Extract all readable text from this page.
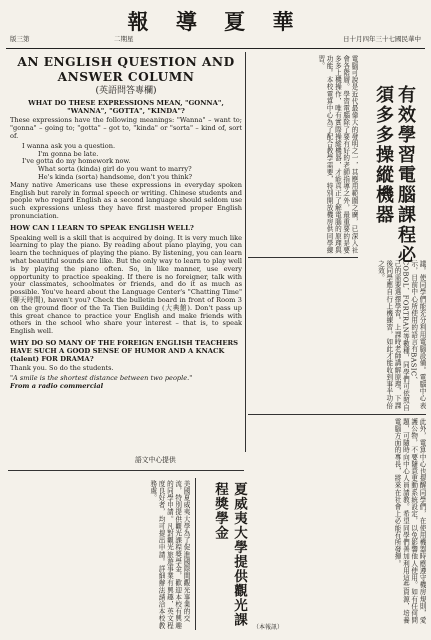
報 導 夏 華
版三第	二期星	日十月四年三十七國民華中
AN ENGLISH QUESTION AND ANSWER COLUMN
(英語問答專欄)
WHAT DO THESE EXPRESSIONS MEAN, "GONNA", "WANNA", "GOTTA", "KINDA"?

These expressions have the following meanings: "Wanna" – want to; "gonna" – going to; "gotta" – got to, "kinda" or "sorta" – kind of, sort of.

I wanna ask you a question.

I'm gonna be late.

I've gotta do my homework now.

What sorta (kinda) girl do you want to marry?

He's kinda (sorta) handsome, don't you think?

Many native Americans use these expressions in everyday spoken English but rarely in formal speech or writing. Chinese students and people who regard English as a second language should seldom use such expressions unless they have first mastered proper English pronunciation.

HOW CAN I LEARN TO SPEAK ENGLISH WELL?

Speaking well is a skill that is acquired by doing. It is very much like learning to play the piano. By reading about piano playing, you can learn the techniques of playing the piano. By listening, you can learn what beautiful sounds are like. But the only way to learn to play well is by playing the piano often. So, in like manner, use every opportunity to practice speaking. If there is no foreigner, talk with your classmates, schoolmates or friends, and do it as much as possible. You've heard about the Language Center's "Chatting Time" (聊天時間), haven't you? Check the bulletin board in front of Room 3 on the ground floor of the Ta Tien Building (大典館). Don't pass up this great chance to practice your English and make friends with others in the school who share your interest – that is, to speak English well.

WHY DO SO MANY OF THE FOREIGN ENGLISH TEACHERS HAVE SUCH A GOOD SENSE OF HUMOR AND A KNACK (talent) FOR DRAMA?

Thank you. So do the students.

"A smile is the shortest distance between two people."
From a radio commercial
語文中心提供
有效學習電腦課程必須多多操縱機器
電腦可說是近代最偉大的發明之一，其應用範圍之廣，已深入社會各階層。學習電腦除了要有好的老師指導之外，最重要的是要多多上機操作，唯有實際操縱機器，才能真正了解電腦的原理與功能。本校電算中心為了配合教學需要，特別開放機房供同學練習。
議。使同學們能充分利用電腦設備。電腦中心表示，目前中心所使用的語言有BASIC、COBOL、FORTRAN等數種，同學們可依照自己的需要選擇學習。上課時老師講解原理，下課後同學應自行上機練習，如此才能收到事半功倍之效。
此外，電算中心也提醒同學們，在使用機器時應遵守機房規則，愛護公物，不要隨意更動系統設定，以免影響他人使用。如有任何問題，可隨時向中心人員請教。希望同學們善加利用這些資源，培養電腦方面的專長，將來在社會上必能有所發揮。
（本報訊）
夏威夷大學提供觀光課程獎學金
美國夏威夷大學為了促進國際間觀光事業的交流，特別提供觀光課程獎學金，歡迎本校有興趣的同學申請。凡對觀光旅遊事業有興趣，英文程度良好者，均可提出申請。詳細辦法請洽本校教務處。
